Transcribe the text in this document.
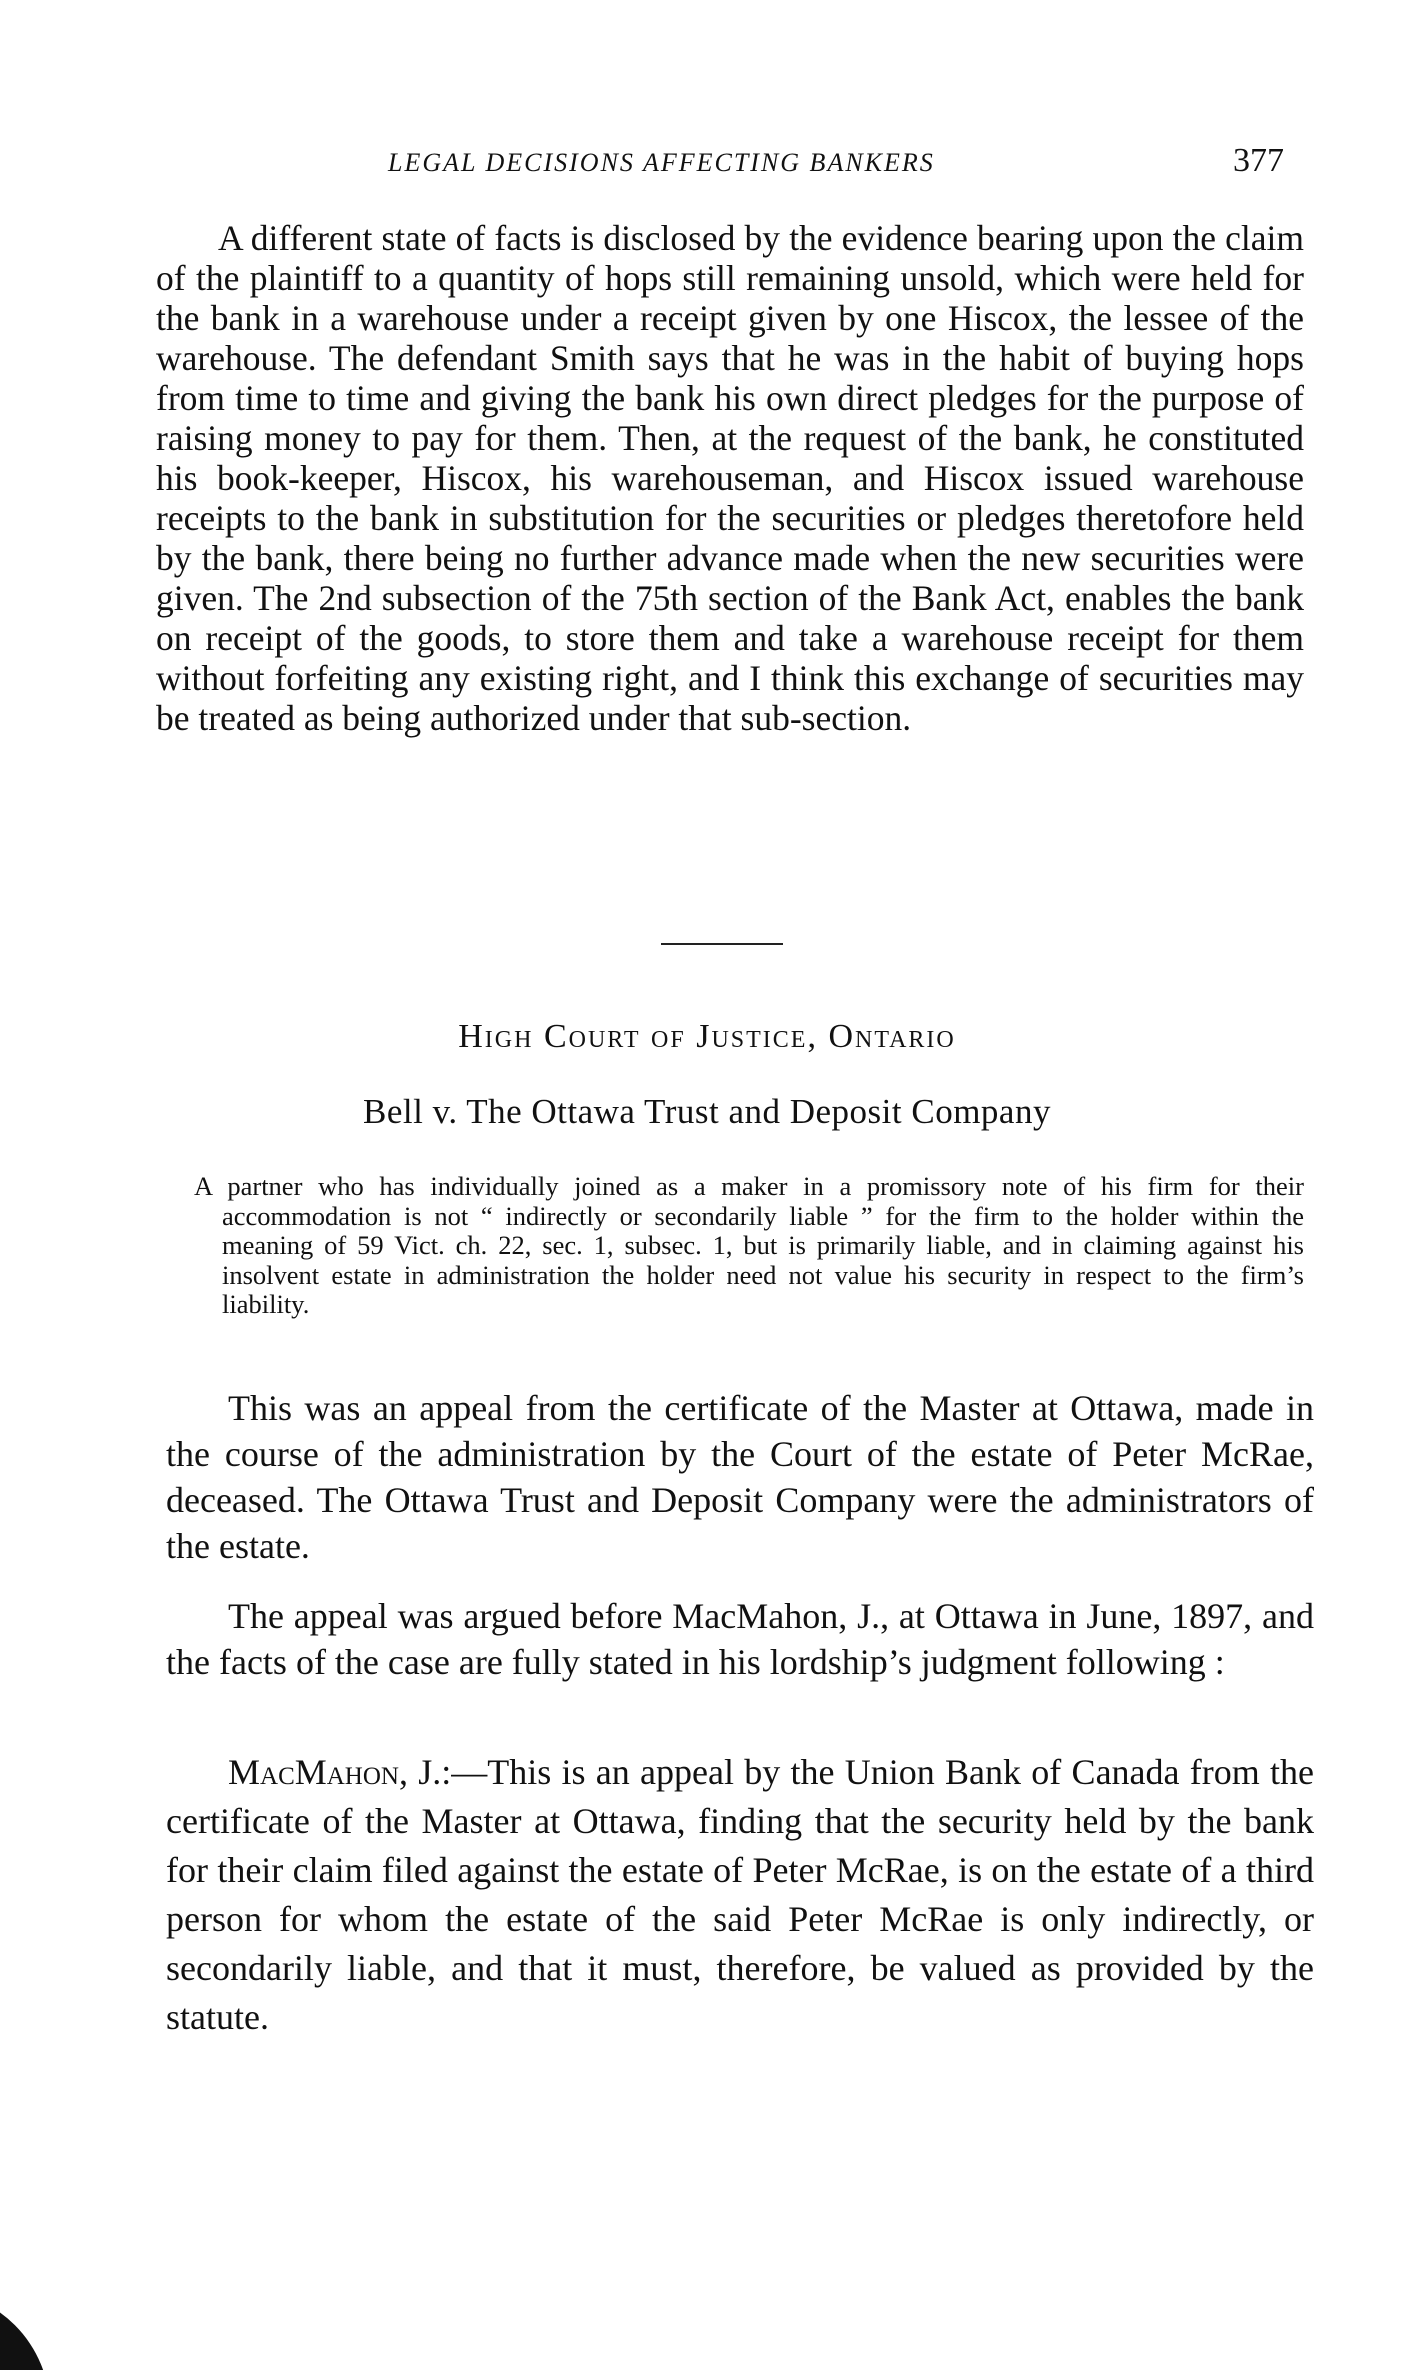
LEGAL DECISIONS AFFECTING BANKERS	377

A different state of facts is disclosed by the evidence bearing upon the claim of the plaintiff to a quantity of hops still remaining unsold, which were held for the bank in a warehouse under a receipt given by one Hiscox, the lessee of the warehouse. The defendant Smith says that he was in the habit of buying hops from time to time and giving the bank his own direct pledges for the purpose of raising money to pay for them. Then, at the request of the bank, he constituted his book-keeper, Hiscox, his warehouseman, and Hiscox issued warehouse receipts to the bank in substitution for the securities or pledges theretofore held by the bank, there being no further advance made when the new securities were given. The 2nd subsection of the 75th section of the Bank Act, enables the bank on receipt of the goods, to store them and take a warehouse receipt for them without forfeiting any existing right, and I think this exchange of securities may be treated as being authorized under that sub-section.

High Court of Justice, Ontario
Bell v. The Ottawa Trust and Deposit Company

A partner who has individually joined as a maker in a promissory note of his firm for their accommodation is not “ indirectly or secondarily liable ” for the firm to the holder within the meaning of 59 Vict. ch. 22, sec. 1, subsec. 1, but is primarily liable, and in claiming against his insolvent estate in administration the holder need not value his security in respect to the firm’s liability.

This was an appeal from the certificate of the Master at Ottawa, made in the course of the administration by the Court of the estate of Peter McRae, deceased. The Ottawa Trust and Deposit Company were the administrators of the estate.

The appeal was argued before MacMahon, J., at Ottawa in June, 1897, and the facts of the case are fully stated in his lordship’s judgment following :

MacMahon, J.:—This is an appeal by the Union Bank of Canada from the certificate of the Master at Ottawa, finding that the security held by the bank for their claim filed against the estate of Peter McRae, is on the estate of a third person for whom the estate of the said Peter McRae is only indirectly, or secondarily liable, and that it must, therefore, be valued as provided by the statute.
